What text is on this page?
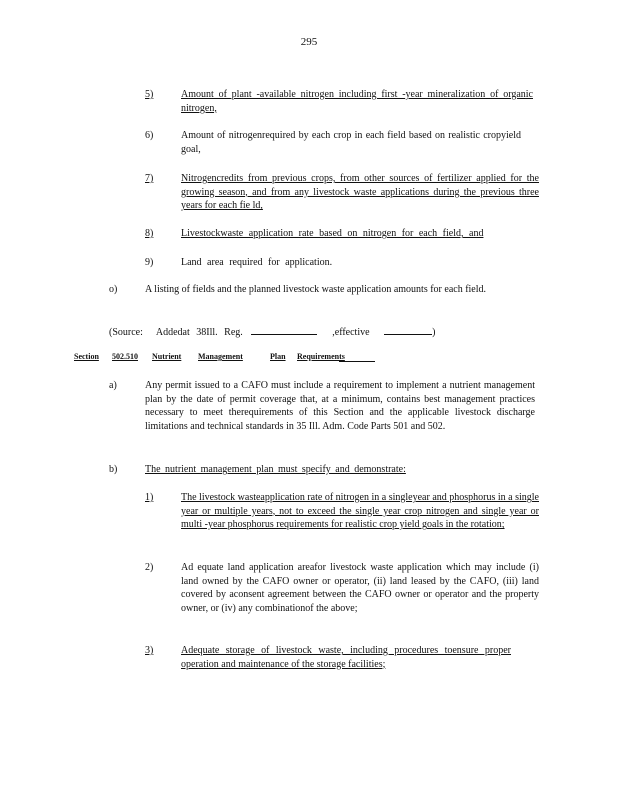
295
5)	Amount of plant -available nitrogen including first -year mineralization of organic nitrogen,
6)	Amount of nitrogenrequired by each crop in each field based on realistic cropyield goal,
7)	Nitrogencredits from previous crops, from other sources of fertilizer applied for the growing season, and from any livestock waste applications during the previous three years for each fie ld,
8)	Livestockwaste application rate based on nitrogen for each field, and
9)	Land area required for application.
o)	A listing of fields and the planned livestock waste application amounts for each field.
(Source: Addedat 38Ill. Reg.	,effective	)
Section 502.510 Nutrient Management	Plan Requirements
a)	Any permit issued to a CAFO must include a requirement to implement a nutrient management plan by the date of permit coverage that, at a minimum, contains best management practices necessary to meet therequirements of this Section and the applicable livestock discharge limitations and technical standards in 35 Ill. Adm. Code Parts 501 and 502.
b)	The nutrient management plan must specify and demonstrate:
1)	The livestock wasteapplication rate of nitrogen in a singleyear and phosphorus in a single year or multiple years, not to exceed the single year crop nitrogen and single year or multi -year phosphorus requirements for realistic crop yield goals in the rotation;
2)	Ad equate land application areafor livestock waste application which may include (i) land owned by the CAFO owner or operator, (ii) land leased by the CAFO, (iii) land covered by aconsent agreement between the CAFO owner or operator and the property owner, or (iv) any combinationof the above;
3)	Adequate storage of livestock waste, including procedures toensure proper operation and maintenance of the storage facilities;
